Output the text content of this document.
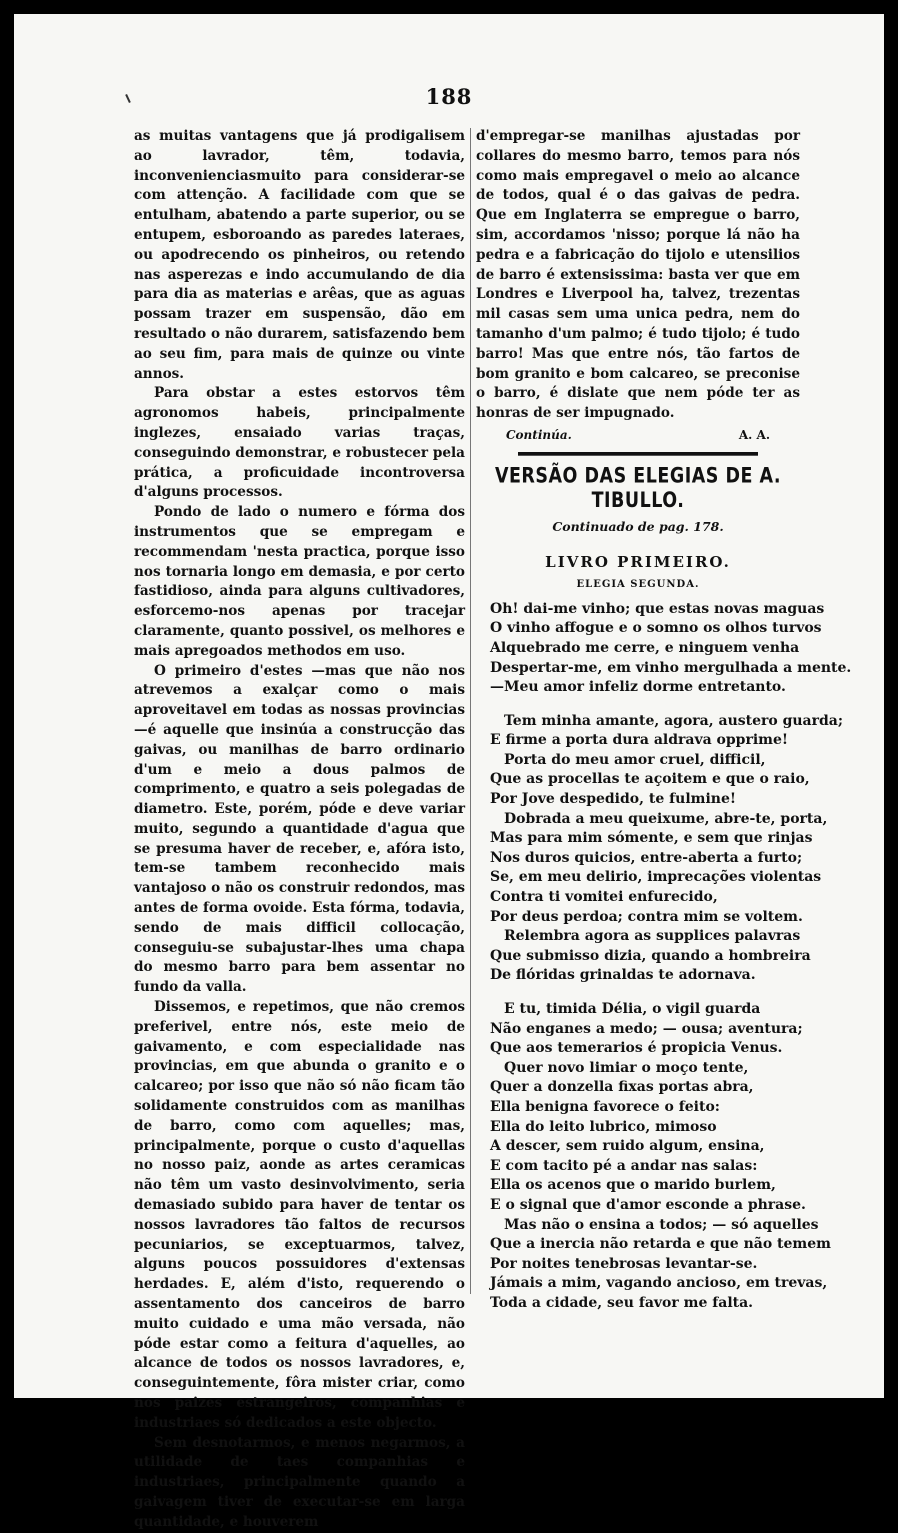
188

as muitas vantagens que já prodigalisem ao lavrador, têm, todavia, inconvenienciasmuito para considerar-se com attenção. A facilidade com que se entulham, abatendo a parte superior, ou se entupem, esboroando as paredes lateraes, ou apodrecendo os pinheiros, ou retendo nas asperezas e indo accumulando de dia para dia as materias e arêas, que as aguas possam trazer em suspensão, dão em resultado o não durarem, satisfazendo bem ao seu fim, para mais de quinze ou vinte annos.

Para obstar a estes estorvos têm agronomos habeis, principalmente inglezes, ensaiado varias traças, conseguindo demonstrar, e robustecer pela prática, a proficuidade incontroversa d'alguns processos.

Pondo de lado o numero e fórma dos instrumentos que se empregam e recommendam 'nesta practica, porque isso nos tornaria longo em demasia, e por certo fastidioso, ainda para alguns cultivadores, esforcemo-nos apenas por tracejar claramente, quanto possivel, os melhores e mais apregoados methodos em uso.

O primeiro d'estes —mas que não nos atrevemos a exalçar como o mais aproveitavel em todas as nossas provincias —é aquelle que insinúa a construcção das gaivas, ou manilhas de barro ordinario d'um e meio a dous palmos de comprimento, e quatro a seis polegadas de diametro. Este, porém, póde e deve variar muito, segundo a quantidade d'agua que se presuma haver de receber, e, afóra isto, tem-se tambem reconhecido mais vantajoso o não os construir redondos, mas antes de forma ovoide. Esta fórma, todavia, sendo de mais difficil collocação, conseguiu-se subajustar-lhes uma chapa do mesmo barro para bem assentar no fundo da valla.

Dissemos, e repetimos, que não cremos preferivel, entre nós, este meio de gaivamento, e com especialidade nas provincias, em que abunda o granito e o calcareo; por isso que não só não ficam tão solidamente construidos com as manilhas de barro, como com aquelles; mas, principalmente, porque o custo d'aquellas no nosso paiz, aonde as artes ceramicas não têm um vasto desinvolvimento, seria demasiado subido para haver de tentar os nossos lavradores tão faltos de recursos pecuniarios, se exceptuarmos, talvez, alguns poucos possuidores d'extensas herdades. E, além d'isto, requerendo o assentamento dos canceiros de barro muito cuidado e uma mão versada, não póde estar como a feitura d'aquelles, ao alcance de todos os nossos lavradores, e, conseguintemente, fôra mister criar, como nos paizes estrangeiros, companhias e industriaes só dedicados a este objecto.

Sem desnotarmos, e menos negarmos, a utilidade de taes companhias e industriaes, principalmente quando a gaivagem tiver de executar-se em larga quantidade, e houverem

d'empregar-se manilhas ajustadas por collares do mesmo barro, temos para nós como mais empregavel o meio ao alcance de todos, qual é o das gaivas de pedra. Que em Inglaterra se empregue o barro, sim, accordamos 'nisso; porque lá não ha pedra e a fabricação do tijolo e utensilios de barro é extensissima: basta ver que em Londres e Liverpool ha, talvez, trezentas mil casas sem uma unica pedra, nem do tamanho d'um palmo; é tudo tijolo; é tudo barro! Mas que entre nós, tão fartos de bom granito e bom calcareo, se preconise o barro, é dislate que nem póde ter as honras de ser impugnado.

Continúa.	A. A.
VERSÃO DAS ELEGIAS DE A. TIBULLO.
Continuado de pag. 178.
LIVRO PRIMEIRO.
ELEGIA SEGUNDA.
Oh! dai-me vinho; que estas novas maguas
O vinho affogue e o somno os olhos turvos
Alquebrado me cerre, e ninguem venha
Despertar-me, em vinho mergulhada a mente.
—Meu amor infeliz dorme entretanto.
Tem minha amante, agora, austero guarda;
E firme a porta dura aldrava opprime!
Porta do meu amor cruel, difficil,
Que as procellas te açoitem e que o raio,
Por Jove despedido, te fulmine!
Dobrada a meu queixume, abre-te, porta,
Mas para mim sómente, e sem que rinjas
Nos duros quicios, entre-aberta a furto;
Se, em meu delirio, imprecações violentas
Contra ti vomitei enfurecido,
Por deus perdoa; contra mim se voltem.
Relembra agora as supplices palavras
Que submisso dizia, quando a hombreira
De flóridas grinaldas te adornava.
E tu, timida Délia, o vigil guarda
Não enganes a medo; — ousa; aventura;
Que aos temerarios é propicia Venus.
Quer novo limiar o moço tente,
Quer a donzella fixas portas abra,
Ella benigna favorece o feito:
Ella do leito lubrico, mimoso
A descer, sem ruido algum, ensina,
E com tacito pé a andar nas salas:
Ella os acenos que o marido burlem,
E o signal que d'amor esconde a phrase.
Mas não o ensina a todos; — só aquelles
Que a inercia não retarda e que não temem
Por noites tenebrosas levantar-se.
Jámais a mim, vagando ancioso, em trevas,
Toda a cidade, seu favor me falta.
